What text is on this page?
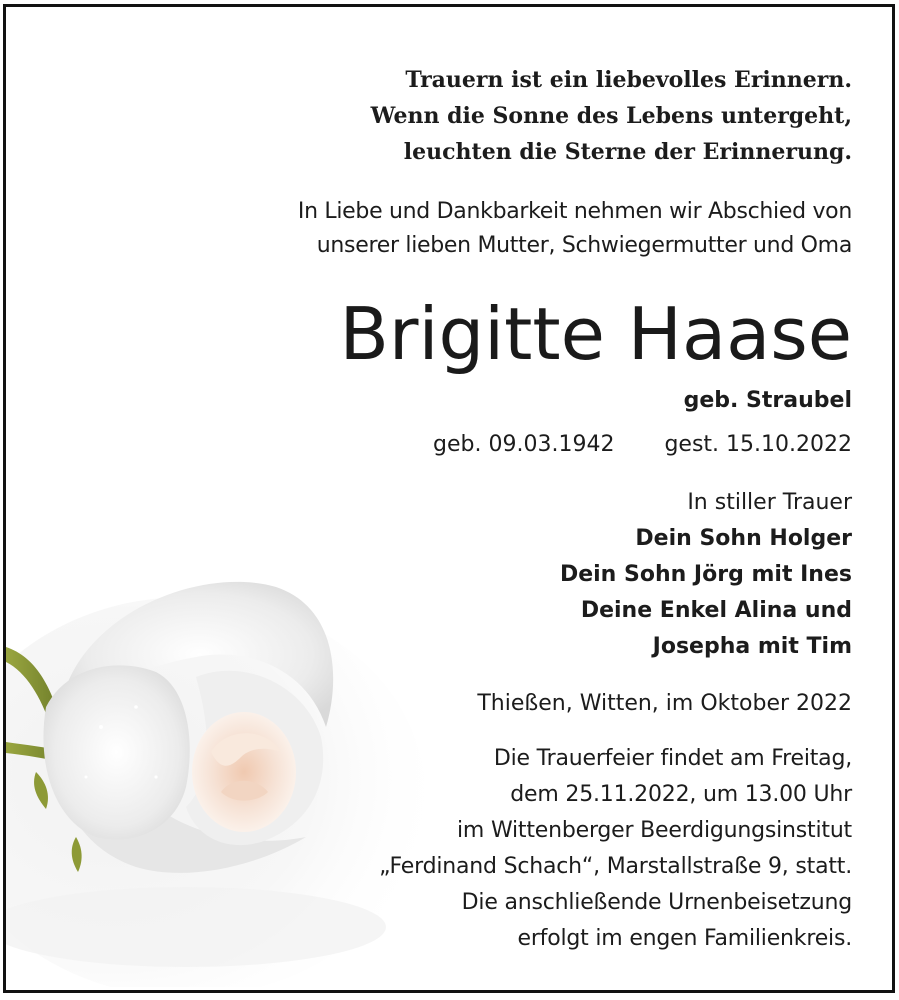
Trauern ist ein liebevolles Erinnern.
Wenn die Sonne des Lebens untergeht,
leuchten die Sterne der Erinnerung.
In Liebe und Dankbarkeit nehmen wir Abschied von
unserer lieben Mutter, Schwiegermutter und Oma
Brigitte Haase
geb. Straubel
geb. 09.03.1942 gest. 15.10.2022
In stiller Trauer
Dein Sohn Holger
Dein Sohn Jörg mit Ines
Deine Enkel Alina und
Josepha mit Tim
Thießen, Witten, im Oktober 2022
Die Trauerfeier findet am Freitag,
dem 25.11.2022, um 13.00 Uhr
im Wittenberger Beerdigungsinstitut
„Ferdinand Schach“, Marstallstraße 9, statt.
Die anschließende Urnenbeisetzung
erfolgt im engen Familienkreis.
